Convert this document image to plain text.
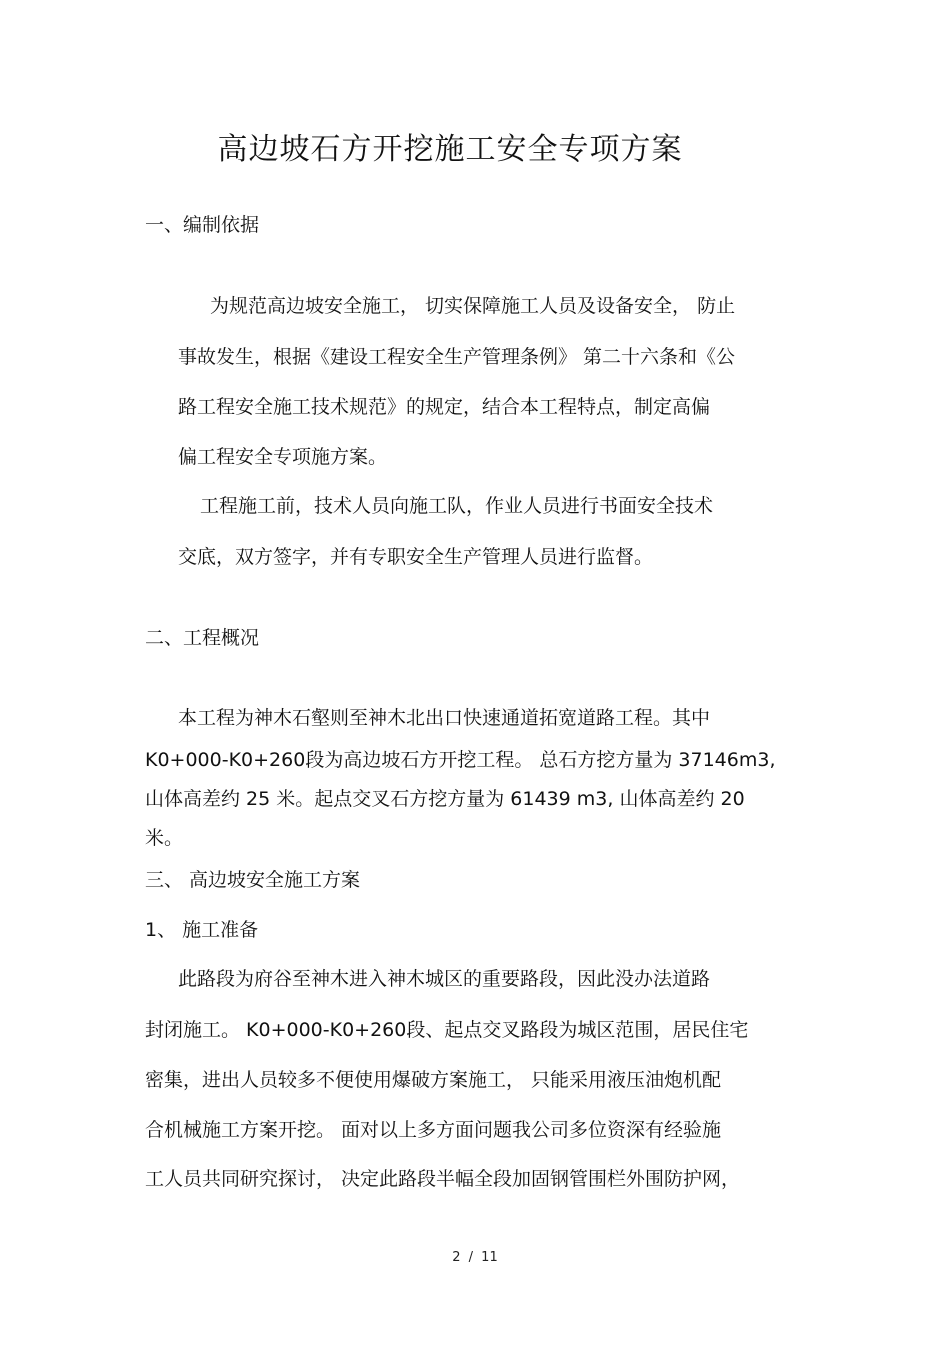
高边坡石方开挖施工安全专项方案
一、编制依据
为规范高边坡安全施工， 切实保障施工人员及设备安全， 防止
事故发生，根据《建设工程安全生产管理条例》 第二十六条和《公
路工程安全施工技术规范》的规定，结合本工程特点，制定高偏
偏工程安全专项施方案。
工程施工前，技术人员向施工队，作业人员进行书面安全技术
交底，双方签字，并有专职安全生产管理人员进行监督。
二、工程概况
本工程为神木石壑则至神木北出口快速通道拓宽道路工程。其中
K0+000-K0+260段为高边坡石方开挖工程。 总石方挖方量为 37146m3,
山体高差约 25 米。起点交叉石方挖方量为 61439 m3, 山体高差约 20
米。
三、 高边坡安全施工方案
1、 施工准备
此路段为府谷至神木进入神木城区的重要路段，因此没办法道路
封闭施工。 K0+000-K0+260段、起点交叉路段为城区范围，居民住宅
密集，进出人员较多不便使用爆破方案施工， 只能采用液压油炮机配
合机械施工方案开挖。 面对以上多方面问题我公司多位资深有经验施
工人员共同研究探讨， 决定此路段半幅全段加固钢管围栏外围防护网，
2 / 11
